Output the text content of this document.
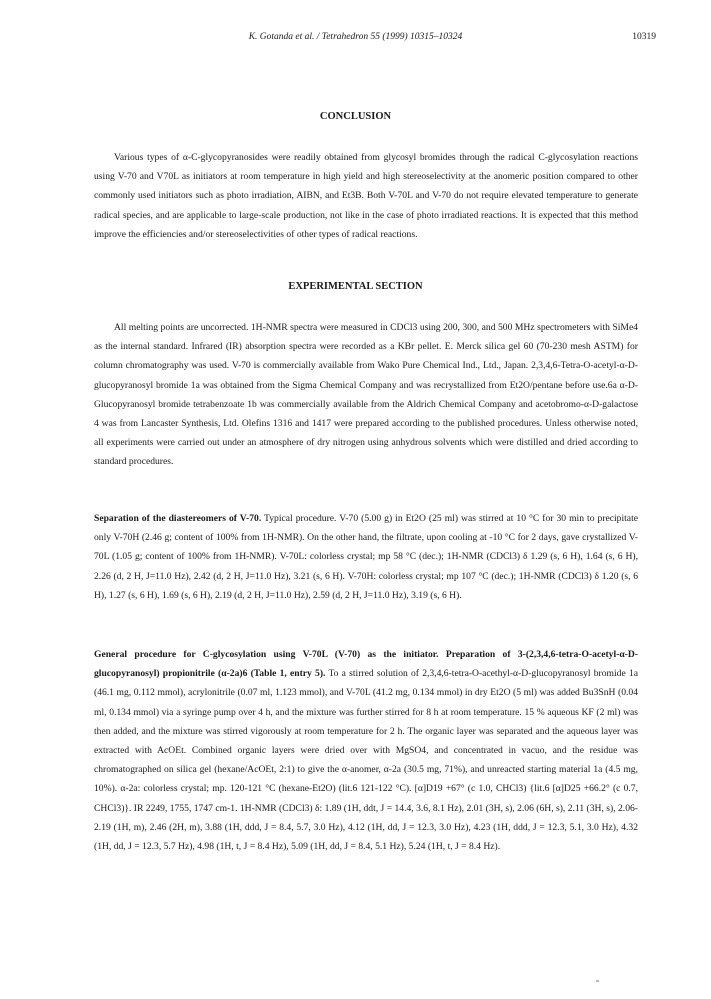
K. Gotanda et al. / Tetrahedron 55 (1999) 10315–10324	10319
CONCLUSION

Various types of α-C-glycopyranosides were readily obtained from glycosyl bromides through the radical C-glycosylation reactions using V-70 and V70L as initiators at room temperature in high yield and high stereoselectivity at the anomeric position compared to other commonly used initiators such as photo irradiation, AIBN, and Et3B. Both V-70L and V-70 do not require elevated temperature to generate radical species, and are applicable to large-scale production, not like in the case of photo irradiated reactions. It is expected that this method improve the efficiencies and/or stereoselectivities of other types of radical reactions.

EXPERIMENTAL SECTION

All melting points are uncorrected. 1H-NMR spectra were measured in CDCl3 using 200, 300, and 500 MHz spectrometers with SiMe4 as the internal standard. Infrared (IR) absorption spectra were recorded as a KBr pellet. E. Merck silica gel 60 (70-230 mesh ASTM) for column chromatography was used. V-70 is commercially available from Wako Pure Chemical Ind., Ltd., Japan. 2,3,4,6-Tetra-O-acetyl-α-D-glucopyranosyl bromide 1a was obtained from the Sigma Chemical Company and was recrystallized from Et2O/pentane before use.6a α-D-Glucopyranosyl bromide tetrabenzoate 1b was commercially available from the Aldrich Chemical Company and acetobromo-α-D-galactose 4 was from Lancaster Synthesis, Ltd. Olefins 1316 and 1417 were prepared according to the published procedures. Unless otherwise noted, all experiments were carried out under an atmosphere of dry nitrogen using anhydrous solvents which were distilled and dried according to standard procedures.

Separation of the diastereomers of V-70. Typical procedure. V-70 (5.00 g) in Et2O (25 ml) was stirred at 10 °C for 30 min to precipitate only V-70H (2.46 g; content of 100% from 1H-NMR). On the other hand, the filtrate, upon cooling at -10 °C for 2 days, gave crystallized V-70L (1.05 g; content of 100% from 1H-NMR). V-70L: colorless crystal; mp 58 °C (dec.); 1H-NMR (CDCl3) δ 1.29 (s, 6 H), 1.64 (s, 6 H), 2.26 (d, 2 H, J=11.0 Hz), 2.42 (d, 2 H, J=11.0 Hz), 3.21 (s, 6 H). V-70H: colorless crystal; mp 107 °C (dec.); 1H-NMR (CDCl3) δ 1.20 (s, 6 H), 1.27 (s, 6 H), 1.69 (s, 6 H), 2.19 (d, 2 H, J=11.0 Hz), 2.59 (d, 2 H, J=11.0 Hz), 3.19 (s, 6 H).

General procedure for C-glycosylation using V-70L (V-70) as the initiator. Preparation of 3-(2,3,4,6-tetra-O-acetyl-α-D-glucopyranosyl) propionitrile (α-2a)6 (Table 1, entry 5). To a stirred solution of 2,3,4,6-tetra-O-acethyl-α-D-glucopyranosyl bromide 1a (46.1 mg, 0.112 mmol), acrylonitrile (0.07 ml, 1.123 mmol), and V-70L (41.2 mg, 0.134 mmol) in dry Et2O (5 ml) was added Bu3SnH (0.04 ml, 0.134 mmol) via a syringe pump over 4 h, and the mixture was further stirred for 8 h at room temperature. 15 % aqueous KF (2 ml) was then added, and the mixture was stirred vigorously at room temperature for 2 h. The organic layer was separated and the aqueous layer was extracted with AcOEt. Combined organic layers were dried over with MgSO4, and concentrated in vacuo, and the residue was chromatographed on silica gel (hexane/AcOEt, 2:1) to give the α-anomer, α-2a (30.5 mg, 71%), and unreacted starting material 1a (4.5 mg, 10%). α-2a: colorless crystal; mp. 120-121 °C (hexane-Et2O) (lit.6 121-122 °C). [α]D19 +67° (c 1.0, CHCl3) {lit.6 [α]D25 +66.2° (c 0.7, CHCl3)}. IR 2249, 1755, 1747 cm-1. 1H-NMR (CDCl3) δ: 1.89 (1H, ddt, J = 14.4, 3.6, 8.1 Hz), 2.01 (3H, s), 2.06 (6H, s), 2.11 (3H, s), 2.06-2.19 (1H, m), 2.46 (2H, m), 3.88 (1H, ddd, J = 8.4, 5.7, 3.0 Hz), 4.12 (1H, dd, J = 12.3, 3.0 Hz), 4.23 (1H, ddd, J = 12.3, 5.1, 3.0 Hz), 4.32 (1H, dd, J = 12.3, 5.7 Hz), 4.98 (1H, t, J = 8.4 Hz), 5.09 (1H, dd, J = 8.4, 5.1 Hz), 5.24 (1H, t, J = 8.4 Hz).
